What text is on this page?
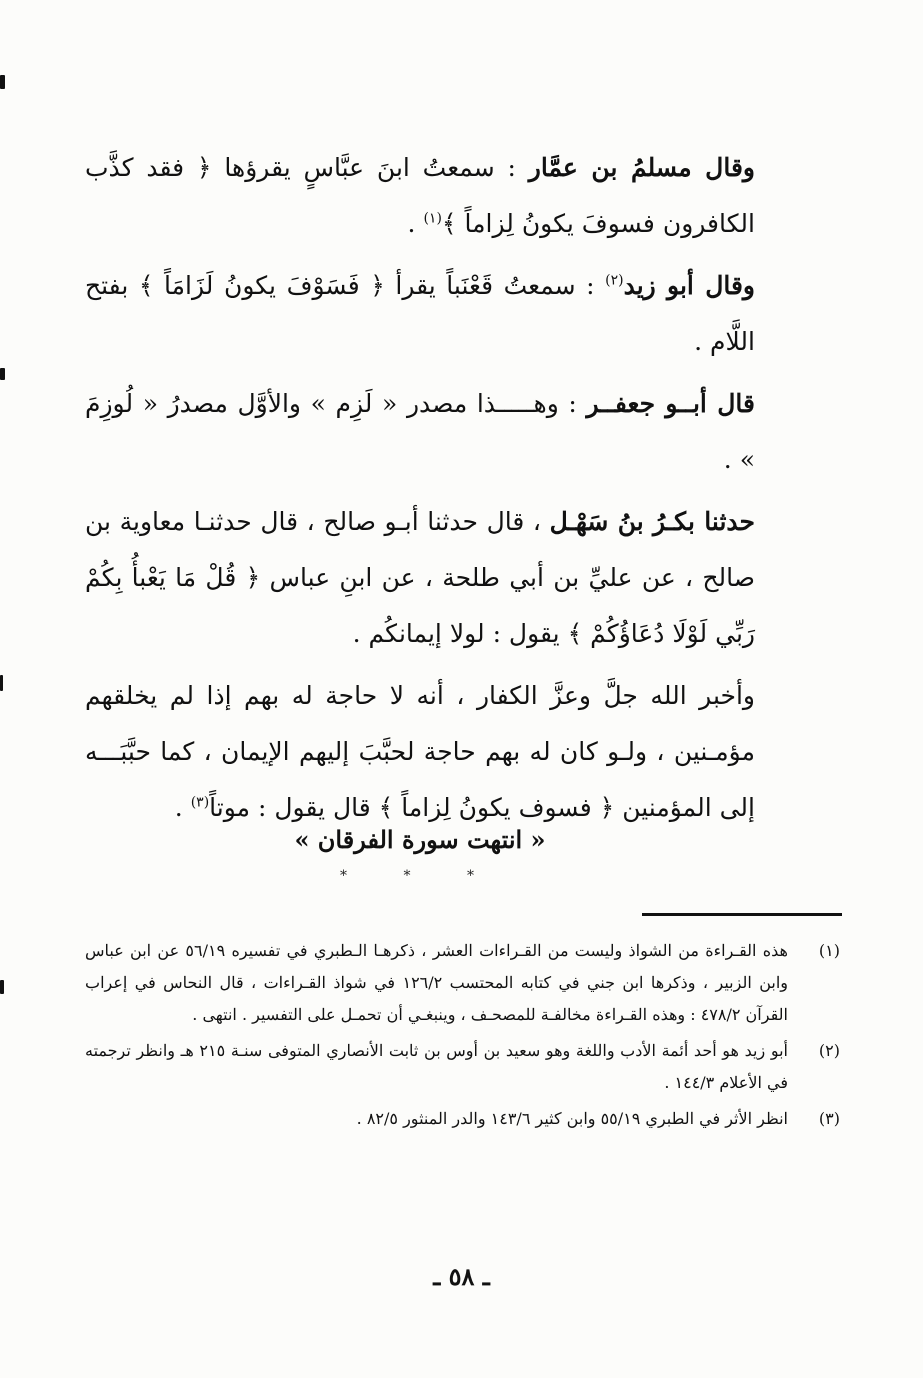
وقال مسلمُ بن عمَّار : سمعتُ ابنَ عبَّاسٍ يقرؤها ﴿ فقد كذَّب الكافرون فسوفَ يكونُ لِزاماً ﴾$^{(١)}$ .

وقال أبو زيد$^{(٢)}$ : سمعتُ قَعْنَباً يقرأ ﴿ فَسَوْفَ يكونُ لَزَامَاً ﴾ بفتح اللَّام .

قال أبــو جعفــر : وهـــــذا مصدر « لَزِم » والأوَّل مصدرُ « لُوزِمَ » .

حدثنا بكـرُ بنُ سَهْـل ، قال حدثنا أبـو صالح ، قال حدثنـا معاوية بن صالح ، عن عليِّ بن أبي طلحة ، عن ابنِ عباس ﴿ قُلْ مَا يَعْبأُ بِكُمْ رَبِّي لَوْلَا دُعَاؤُكُمْ ﴾ يقول : لولا إيمانكُم .

وأخبر الله جلَّ وعزَّ الكفار ، أنه لا حاجة له بهم إذا لم يخلقهم مؤمـنين ، ولـو كان له بهم حاجة لحبَّبَ إليهم الإيمان ، كما حبَّبَـــه إلى المؤمنين ﴿ فسوف يكونُ لِزاماً ﴾ قال يقول : موتاً$^{(٣)}$ .

« انتهت سورة الفرقان »
* * *

(١)
هذه القـراءة من الشواذ وليست من القـراءات العشر ، ذكرهـا الـطبري في تفسيره ٥٦/١٩ عن ابن عباس وابن الزبير ، وذكرها ابن جني في كتابه المحتسب ١٢٦/٢ في شواذ القـراءات ، قال النحاس في إعراب القرآن ٤٧٨/٢ : وهذه القـراءة مخالفـة للمصحـف ، وينبغـي أن تحمـل على التفسير . انتهى .

(٢)
أبو زيد هو أحد أئمة الأدب واللغة وهو سعيد بن أوس بن ثابت الأنصاري المتوفى سنـة ٢١٥ هـ وانظر ترجمته في الأعلام ١٤٤/٣ .

(٣)
انظر الأثر في الطبري ٥٥/١٩ وابن كثير ١٤٣/٦ والدر المنثور ٨٢/٥ .

ـ ٥٨ ـ
